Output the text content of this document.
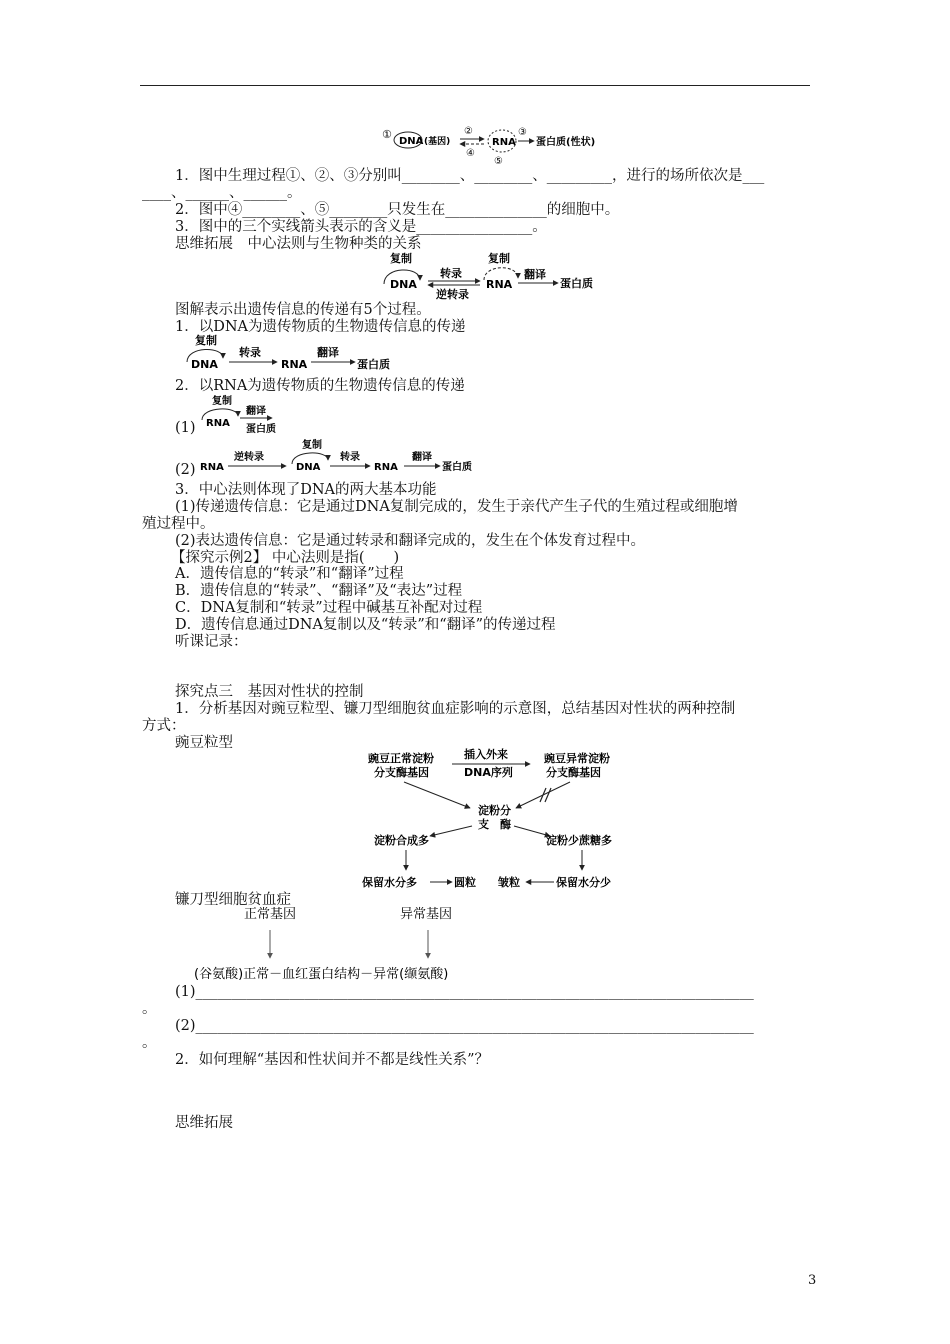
①
DNA (基因)
②
④
RNA
⑤
③
蛋白质(性状)
1．图中生理过程①、②、③分别叫________、________、_________，进行的场所依次是___
____、______、______。
2．图中④________、⑤________只发生在______________的细胞中。
3．图中的三个实线箭头表示的含义是________________。
思维拓展　中心法则与生物种类的关系
复制
DNA
转录
逆转录
复制
RNA
翻译
蛋白质
图解表示出遗传信息的传递有5个过程。
1．以DNA为遗传物质的生物遗传信息的传递
复制
DNA
转录
RNA
翻译
蛋白质
2．以RNA为遗传物质的生物遗传信息的传递
(1)
复制
RNA
翻译
蛋白质
(2) RNA
逆转录
复制
DNA
转录
RNA
翻译
蛋白质
3．中心法则体现了DNA的两大基本功能
(1)传递遗传信息：它是通过DNA复制完成的，发生于亲代产生子代的生殖过程或细胞增
殖过程中。
(2)表达遗传信息：它是通过转录和翻译完成的，发生在个体发育过程中。
【探究示例2】 中心法则是指(　　)
A．遗传信息的“转录”和“翻译”过程
B．遗传信息的“转录”、“翻译”及“表达”过程
C．DNA复制和“转录”过程中碱基互补配对过程
D．遗传信息通过DNA复制以及“转录”和“翻译”的传递过程
听课记录：
探究点三　基因对性状的控制
1．分析基因对豌豆粒型、镰刀型细胞贫血症影响的示意图，总结基因对性状的两种控制
方式：
豌豆粒型
豌豆正常淀粉
分支酶基因
插入外来
DNA序列
豌豆异常淀粉
分支酶基因
淀粉分
支　酶
淀粉合成多	淀粉少蔗糖多
保留水分多	圆粒 皱粒	保留水分少
镰刀型细胞贫血症
正常基因	异常基因
(谷氨酸)正常－血红蛋白结构－异常(缬氨酸)
(1)_____________________________________________________________________________
。
(2)_____________________________________________________________________________
。
2．如何理解“基因和性状间并不都是线性关系”？
思维拓展
3
